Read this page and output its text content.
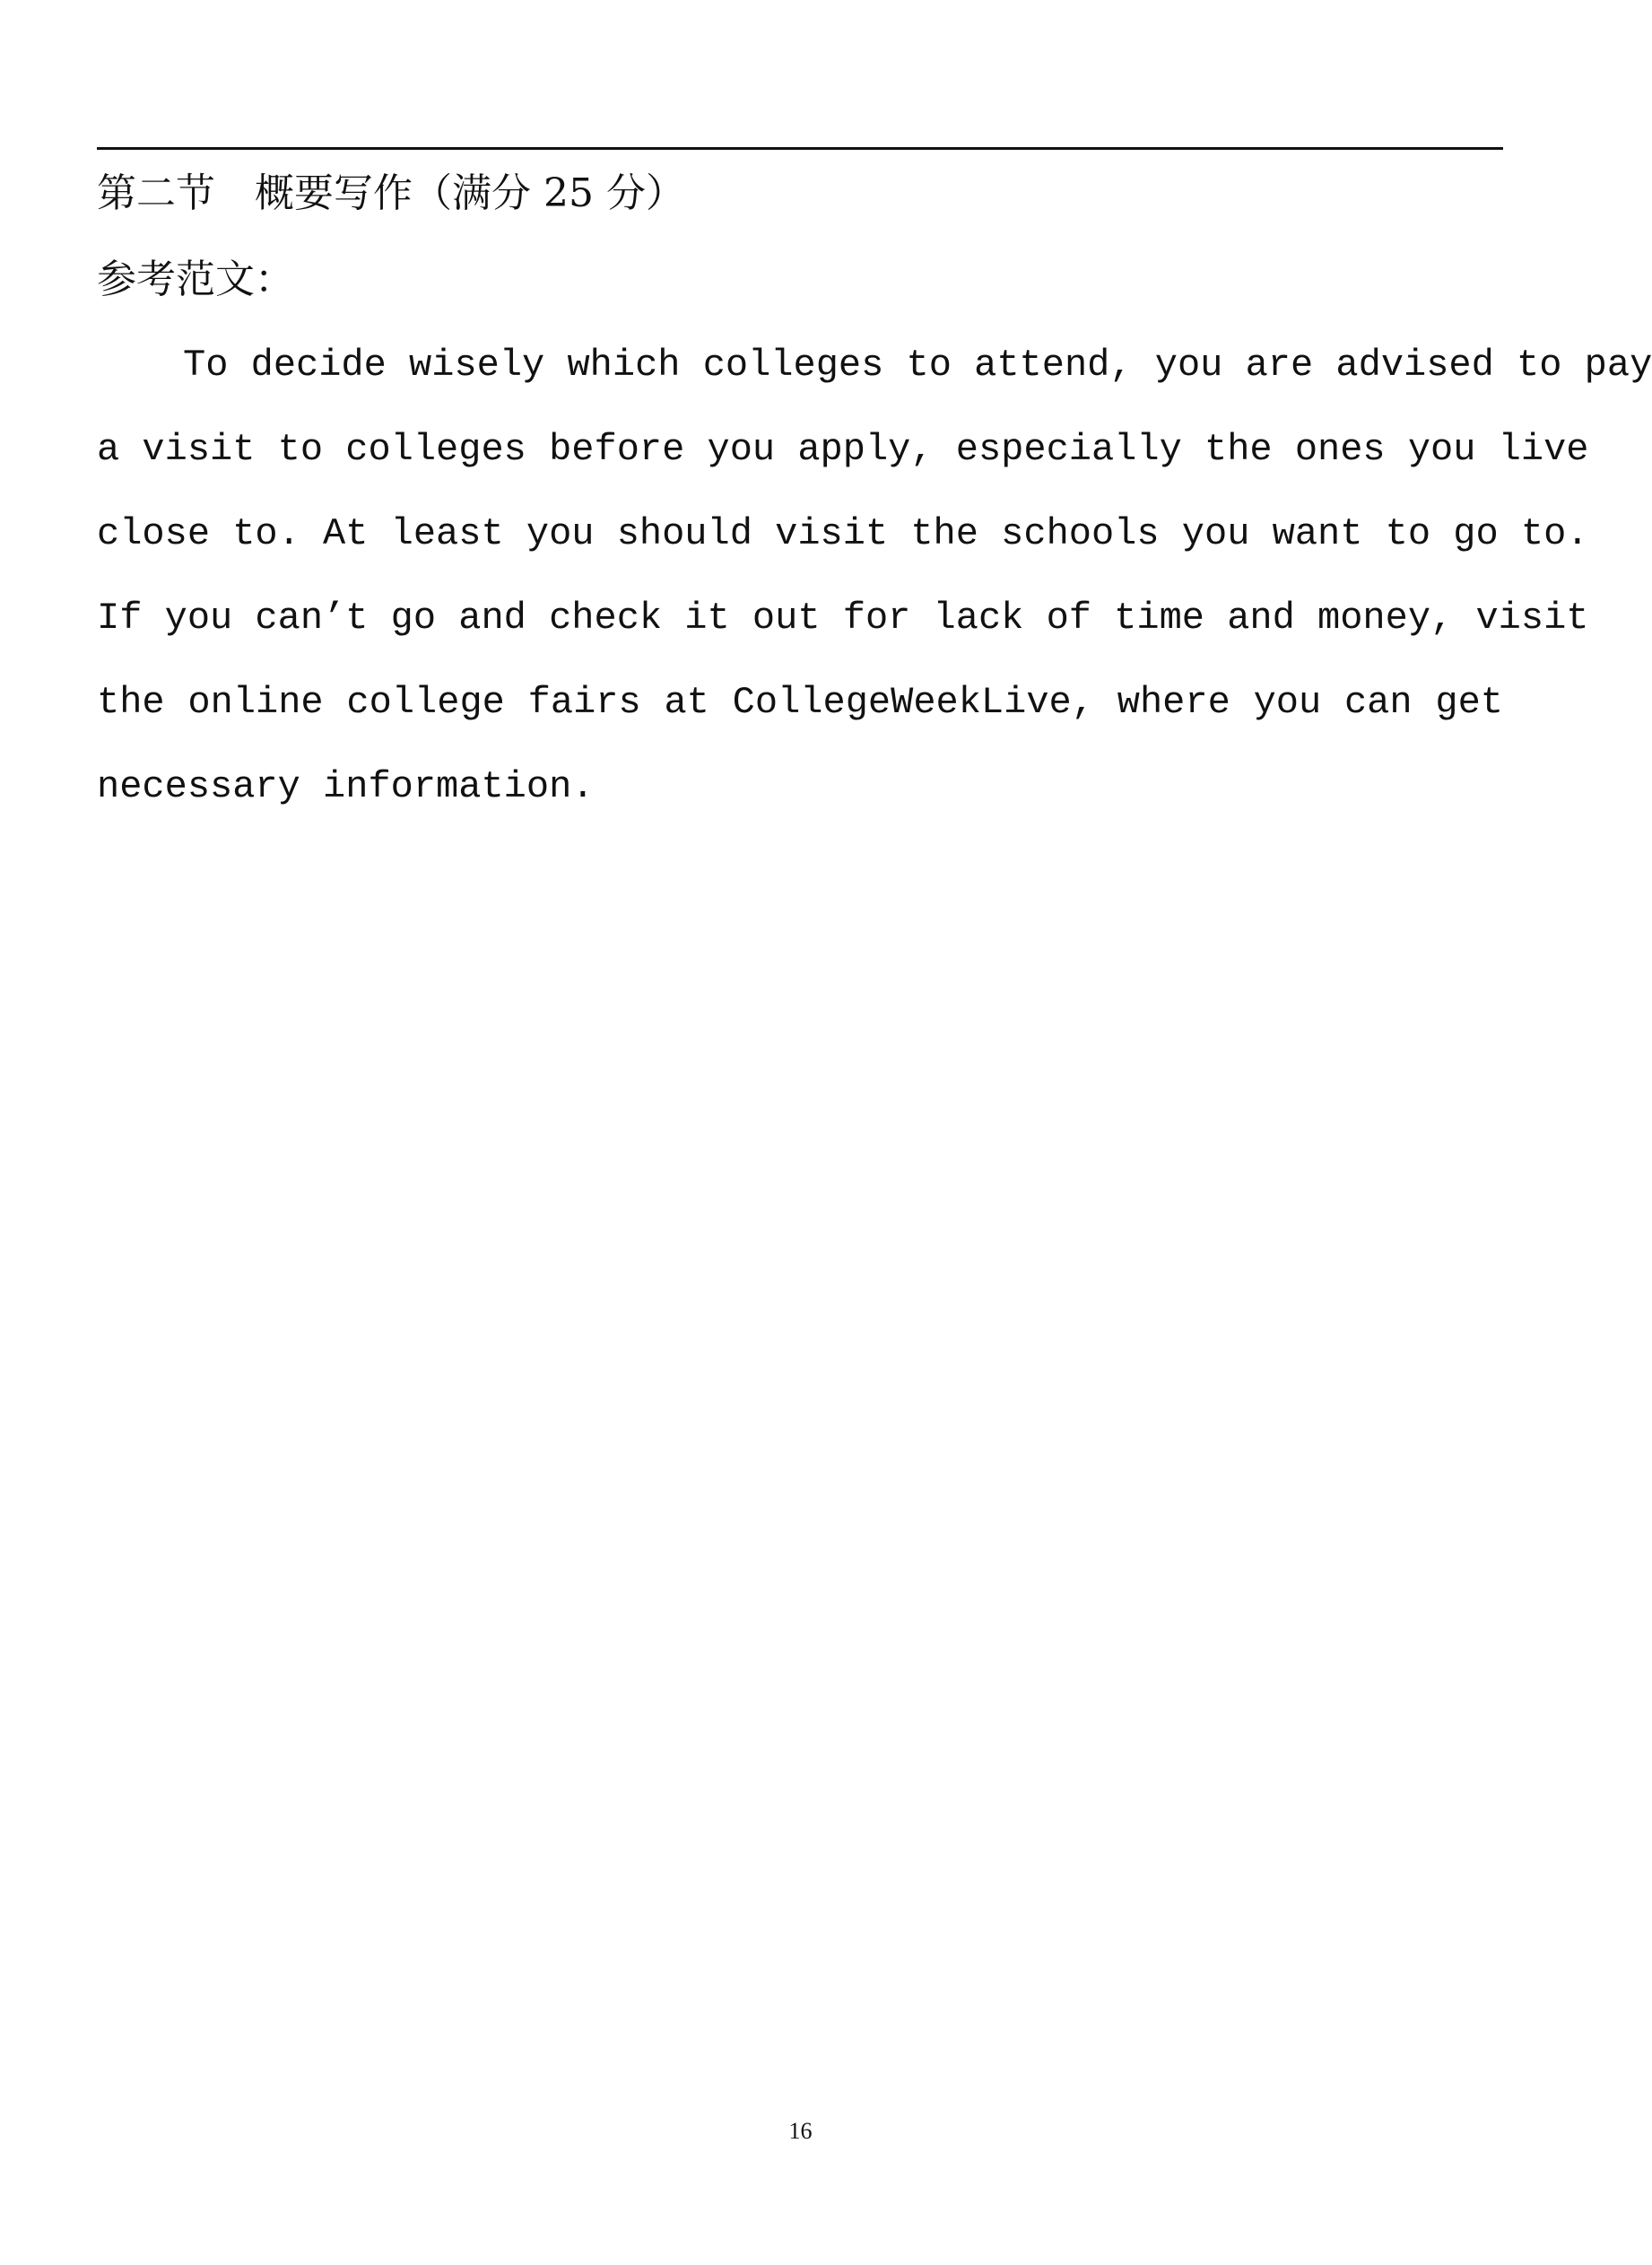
第二节　概要写作（满分 25 分）
参考范文：
To decide wisely which colleges to attend, you are advised to pay
a visit to colleges before you apply, especially the ones you live
close to. At least you should visit the schools you want to go to.
If you can’t go and check it out for lack of time and money, visit
the online college fairs at CollegeWeekLive, where you can get
necessary information.
16
